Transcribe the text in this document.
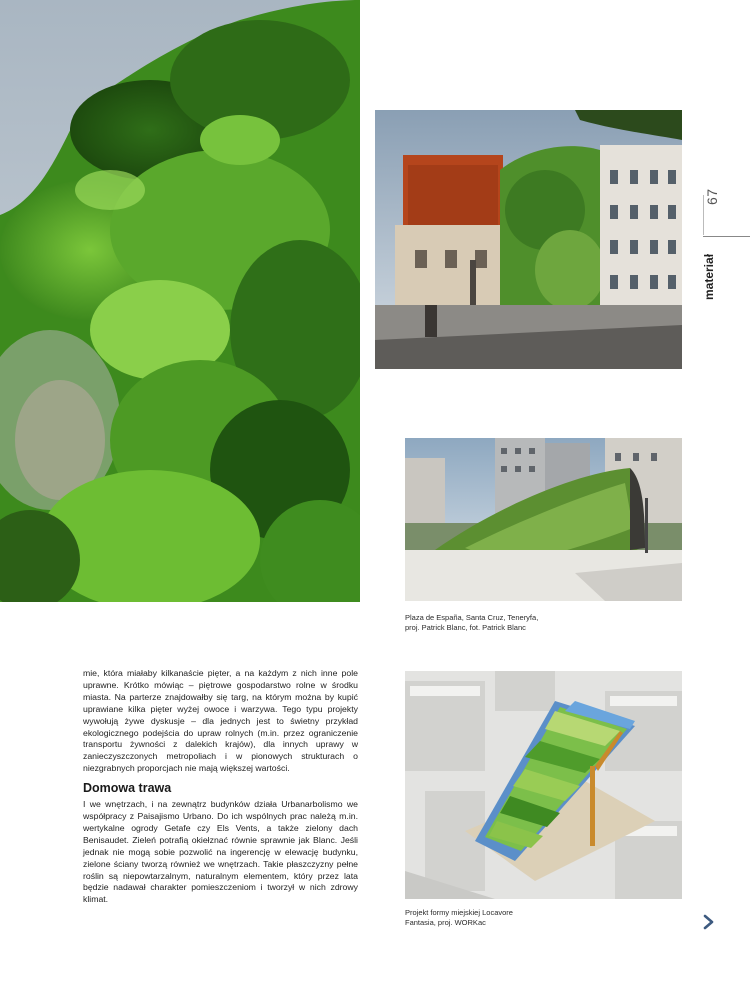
Plaza de España, Santa Cruz, Teneryfa,
proj. Patrick Blanc, fot. Patrick Blanc
Projekt formy miejskiej Locavore
Fantasia, proj. WORKac
67
materiał

mie, która miałaby kilkanaście pięter, a na każdym z nich inne pole uprawne. Krótko mówiąc – piętrowe gospodarstwo rolne w środku miasta. Na parterze znajdowałby się targ, na którym można by kupić uprawiane kilka pięter wyżej owoce i warzywa. Tego typu projekty wywołują żywe dyskusje – dla jednych jest to świetny przykład ekologicznego podejścia do upraw rolnych (m.in. przez ograniczenie transportu żywności z dalekich krajów), dla innych uprawy w zanieczyszczonych metropoliach i w pionowych strukturach o niezgrabnych proporcjach nie mają większej wartości.

Domowa trawa

I we wnętrzach, i na zewnątrz budynków działa Urbanarbolismo we współpracy z Paisajismo Urbano. Do ich wspólnych prac należą m.in. wertykalne ogrody Getafe czy Els Vents, a także zielony dach Benisaudet. Zieleń potrafią okiełznać równie sprawnie jak Blanc. Jeśli jednak nie mogą sobie pozwolić na ingerencję w elewację budynku, zielone ściany tworzą również we wnętrzach. Takie płaszczyzny pełne roślin są niepowtarzalnym, naturalnym elementem, który przez lata będzie nadawał charakter pomieszczeniom i tworzył w nich zdrowy klimat.
